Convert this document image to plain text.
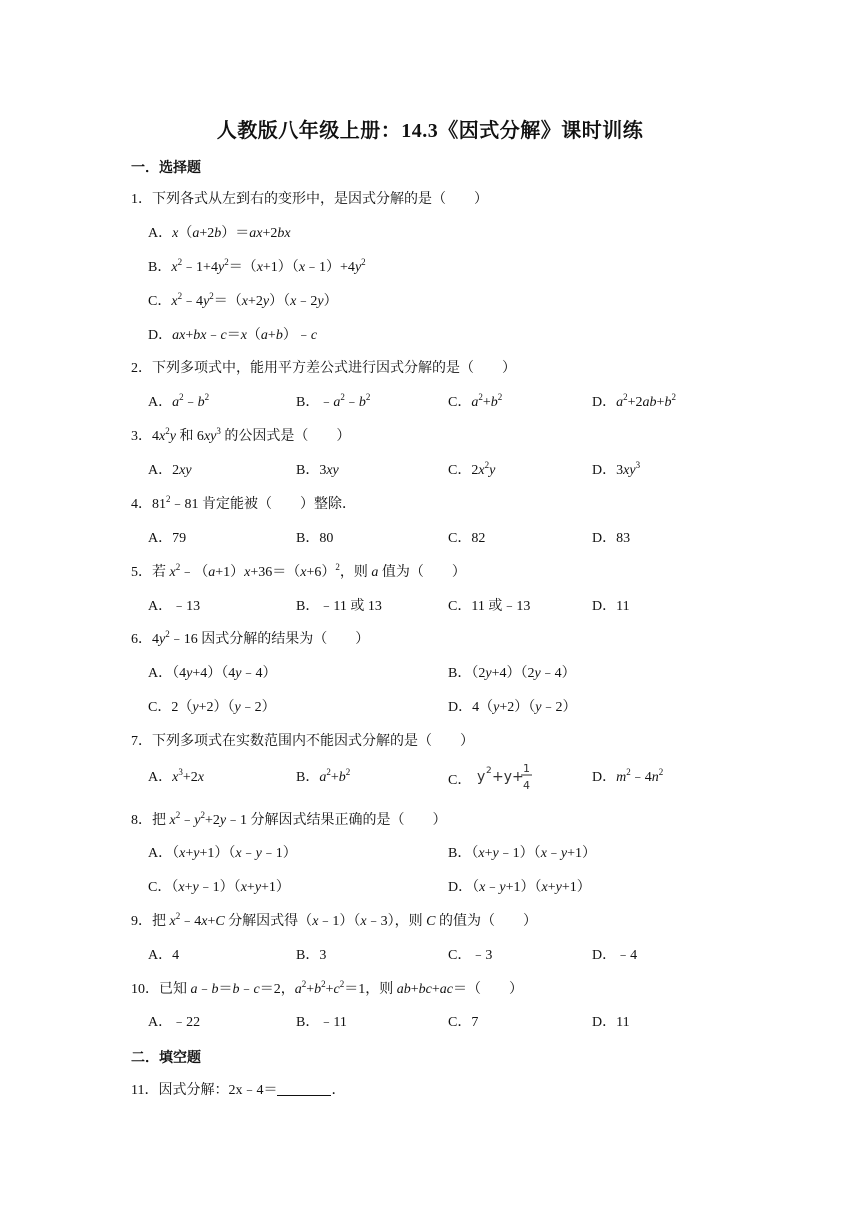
人教版八年级上册：14.3《因式分解》课时训练
一．选择题
1．下列各式从左到右的变形中，是因式分解的是（　　）
A．x（a+2b）＝ax+2bx
B．$x^2﹣1+4y^2=(x+1)(x﹣1)+4y^2$
C．$x^2﹣4y^2=(x+2y)(x﹣2y)$
D．ax+bx﹣c＝x（a+b）﹣c
2．下列多项式中，能用平方差公式进行因式分解的是（　　）
A．$a^2﹣b^2$	B．$﹣a^2﹣b^2$	C．$a^2+b^2$	D．$a^2+2ab+b^2$
3．$4x^2y$ 和 $6xy^3$ 的公因式是（　　）
A．2xy	B．3xy	C．$2x^2y$	D．$3xy^3$
4．$81^2﹣81$ 肯定能被（　　）整除．
A．79	B．80	C．82	D．83
5．若 $x^2﹣(a+1)x+36=(x+6)^2$，则 a 值为（　　）
A．﹣13	B．﹣11 或 13	C．11 或﹣13	D．11
6．$4y^2﹣16$ 因式分解的结果为（　　）
A．（4y+4）（4y﹣4）	B．（2y+4）（2y﹣4）
C．2（y+2）（y﹣2）	D．4（y+2）（y﹣2）
7．下列多项式在实数范围内不能因式分解的是（　　）
A．$x^3+2x$	B．$a^2+b^2$
C． y 2 +y+
1
4
D．$m^2﹣4n^2$
8．把 $x^2﹣y^2+2y﹣1$ 分解因式结果正确的是（　　）
A．（x+y+1）（x﹣y﹣1）	B．（x+y﹣1）（x﹣y+1）
C．（x+y﹣1）（x+y+1）	D．（x﹣y+1）（x+y+1）
9．把 $x^2﹣4x+C$ 分解因式得（x﹣1）（x﹣3），则 C 的值为（　　）
A．4	B．3	C．﹣3	D．﹣4
10．已知 a﹣b＝b﹣c＝2，$a^2+b^2+c^2=1$，则 ab+bc+ac＝（　　）
A．﹣22	B．﹣11	C．7	D．11
二．填空题
11．因式分解：2x﹣4＝	．
